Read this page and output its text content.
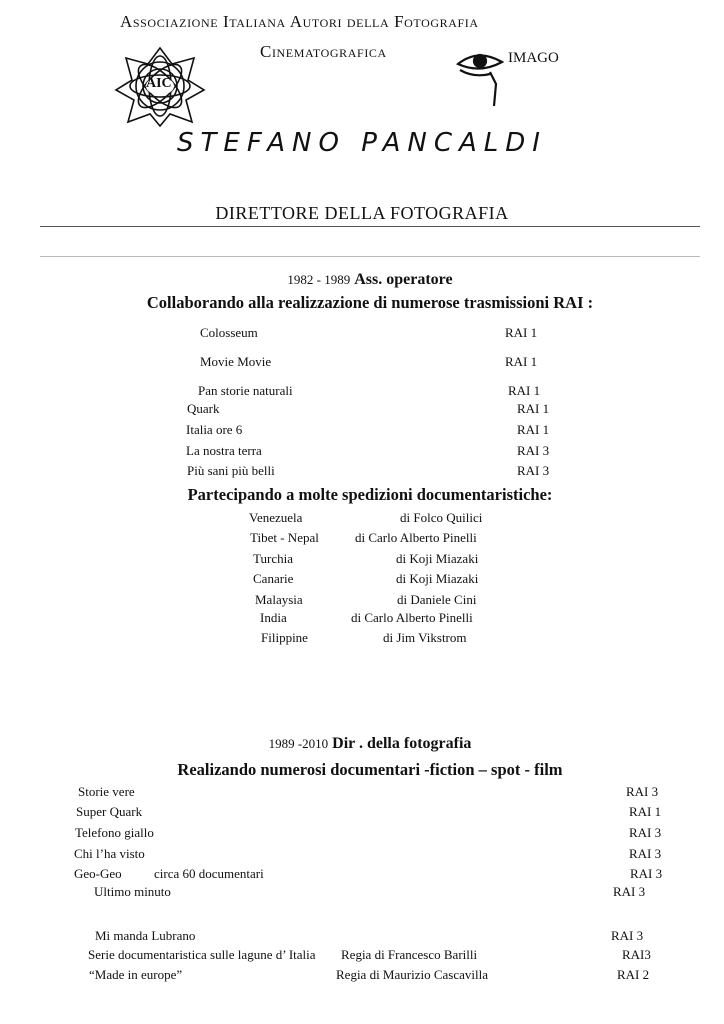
Associazione Italiana Autori della Fotografia
Cinematografica
AIC
IMAGO
STEFANO PANCALDI
DIRETTORE DELLA FOTOGRAFIA
1982 - 1989 Ass. operatore
Collaborando alla realizzazione di numerose trasmissioni RAI :
Colosseum	RAI 1
Movie Movie	RAI 1
Pan storie naturali	RAI 1
Quark	RAI 1
Italia ore 6	RAI 1
La nostra terra	RAI 3
Più sani più belli	RAI 3
Partecipando a molte spedizioni documentaristiche:
Venezuela	di Folco Quilici
Tibet - Nepal	di Carlo Alberto Pinelli
Turchia	di Koji Miazaki
Canarie	di Koji Miazaki
Malaysia	di Daniele Cini
India	di Carlo Alberto Pinelli
Filippine	di Jim Vikstrom
1989 -2010 Dir . della fotografia
Realizando numerosi documentari -fiction – spot - film
Storie vere	RAI 3
Super Quark	RAI 1
Telefono giallo	RAI 3
Chi l’ha visto	RAI 3
Geo-Geo circa 60 documentari	RAI 3
Ultimo minuto	RAI 3
Mi manda Lubrano	RAI 3
Serie documentaristica sulle lagune d’ Italia Regia di Francesco Barilli	RAI3
“Made in europe”	Regia di Maurizio Cascavilla	RAI 2
